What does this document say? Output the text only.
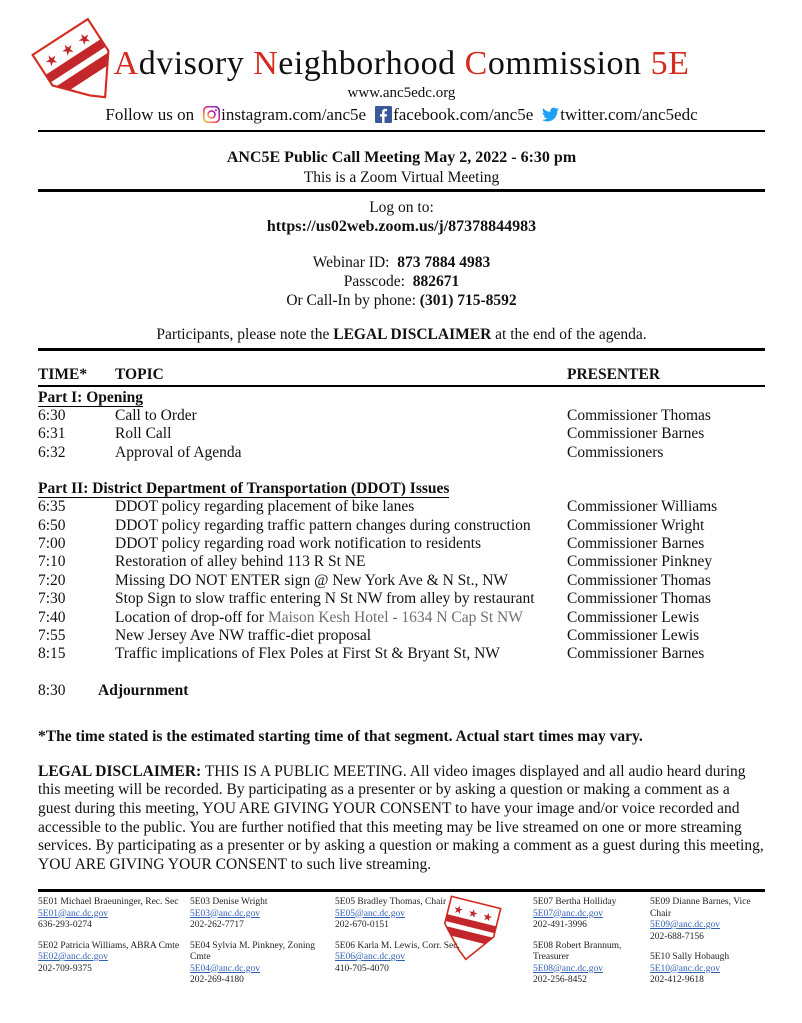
Advisory Neighborhood Commission 5E
www.anc5edc.org
Follow us on instagram.com/anc5e facebook.com/anc5e twitter.com/anc5edc
ANC5E Public Call Meeting May 2, 2022 - 6:30 pm
This is a Zoom Virtual Meeting
Log on to:
https://us02web.zoom.us/j/87378844983
Webinar ID: 873 7884 4983
Passcode: 882671
Or Call-In by phone: (301) 715-8592
Participants, please note the LEGAL DISCLAIMER at the end of the agenda.
TIME*	TOPIC	PRESENTER
Part I: Opening
6:30	Call to Order	Commissioner Thomas
6:31	Roll Call	Commissioner Barnes
6:32	Approval of Agenda	Commissioners
Part II: District Department of Transportation (DDOT) Issues
6:35	DDOT policy regarding placement of bike lanes	Commissioner Williams
6:50	DDOT policy regarding traffic pattern changes during construction	Commissioner Wright
7:00	DDOT policy regarding road work notification to residents	Commissioner Barnes
7:10	Restoration of alley behind 113 R St NE	Commissioner Pinkney
7:20	Missing DO NOT ENTER sign @ New York Ave & N St., NW	Commissioner Thomas
7:30	Stop Sign to slow traffic entering N St NW from alley by restaurant	Commissioner Thomas
7:40	Location of drop-off for Maison Kesh Hotel - 1634 N Cap St NW	Commissioner Lewis
7:55	New Jersey Ave NW traffic-diet proposal	Commissioner Lewis
8:15	Traffic implications of Flex Poles at First St & Bryant St, NW	Commissioner Barnes
8:30	Adjournment
*The time stated is the estimated starting time of that segment. Actual start times may vary.
LEGAL DISCLAIMER: THIS IS A PUBLIC MEETING. All video images displayed and all audio heard during this meeting will be recorded. By participating as a presenter or by asking a question or making a comment as a guest during this meeting, YOU ARE GIVING YOUR CONSENT to have your image and/or voice recorded and accessible to the public. You are further notified that this meeting may be live streamed on one or more streaming services. By participating as a presenter or by asking a question or making a comment as a guest during this meeting, YOU ARE GIVING YOUR CONSENT to such live streaming.
5E01 Michael Braeuninger, Rec. Sec
5E01@anc.dc.gov
636-293-0274
5E02 Patricia Williams, ABRA Cmte
5E02@anc.dc.gov
202-709-9375
5E03 Denise Wright
5E03@anc.dc.gov
202-262-7717
5E04 Sylvia M. Pinkney, Zoning Cmte
5E04@anc.dc.gov
202-269-4180
5E05 Bradley Thomas, Chair
5E05@anc.dc.gov
202-670-0151
5E06 Karla M. Lewis, Corr. Sec.
5E06@anc.dc.gov
410-705-4070
5E07 Bertha Holliday
5E07@anc.dc.gov
202-491-3996
5E08 Robert Brannum, Treasurer
5E08@anc.dc.gov
202-256-8452
5E09 Dianne Barnes, Vice Chair
5E09@anc.dc.gov
202-688-7156
5E10 Sally Hobaugh
5E10@anc.dc.gov
202-412-9618
